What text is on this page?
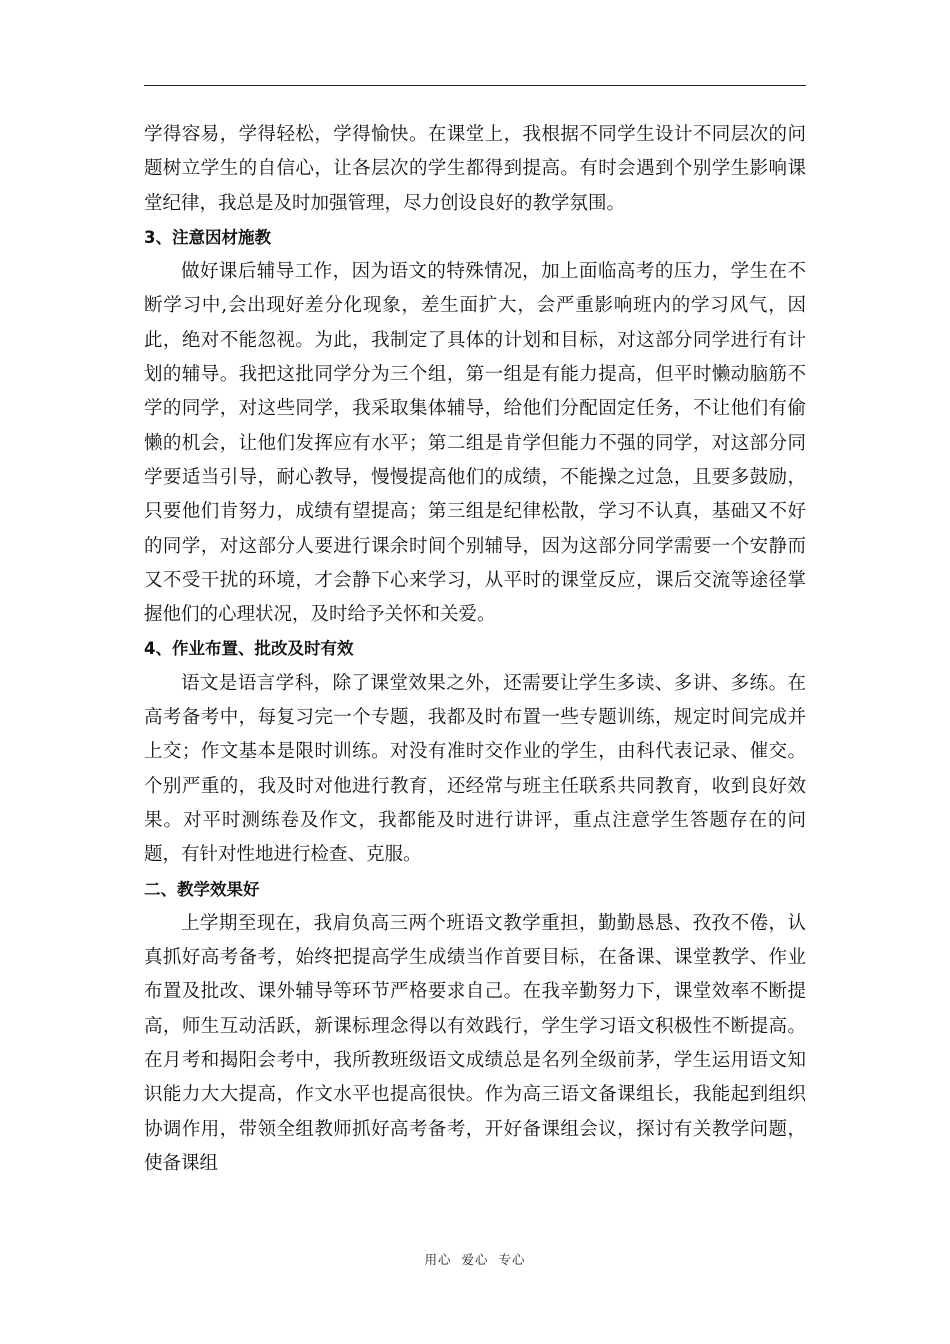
学得容易，学得轻松，学得愉快。在课堂上，我根据不同学生设计不同层次的问题树立学生的自信心，让各层次的学生都得到提高。有时会遇到个别学生影响课堂纪律，我总是及时加强管理，尽力创设良好的教学氛围。

3、注意因材施教

做好课后辅导工作，因为语文的特殊情况，加上面临高考的压力，学生在不断学习中,会出现好差分化现象，差生面扩大，会严重影响班内的学习风气，因此，绝对不能忽视。为此，我制定了具体的计划和目标，对这部分同学进行有计划的辅导。我把这批同学分为三个组，第一组是有能力提高，但平时懒动脑筋不学的同学，对这些同学，我采取集体辅导，给他们分配固定任务，不让他们有偷懒的机会，让他们发挥应有水平；第二组是肯学但能力不强的同学，对这部分同学要适当引导，耐心教导，慢慢提高他们的成绩，不能操之过急，且要多鼓励，只要他们肯努力，成绩有望提高；第三组是纪律松散，学习不认真，基础又不好的同学，对这部分人要进行课余时间个别辅导，因为这部分同学需要一个安静而又不受干扰的环境，才会静下心来学习，从平时的课堂反应，课后交流等途径掌握他们的心理状况，及时给予关怀和关爱。

4、作业布置、批改及时有效

语文是语言学科，除了课堂效果之外，还需要让学生多读、多讲、多练。在高考备考中，每复习完一个专题，我都及时布置一些专题训练，规定时间完成并上交；作文基本是限时训练。对没有准时交作业的学生，由科代表记录、催交。个别严重的，我及时对他进行教育，还经常与班主任联系共同教育，收到良好效果。对平时测练卷及作文，我都能及时进行讲评，重点注意学生答题存在的问题，有针对性地进行检查、克服。

二、教学效果好

上学期至现在，我肩负高三两个班语文教学重担，勤勤恳恳、孜孜不倦，认真抓好高考备考，始终把提高学生成绩当作首要目标，在备课、课堂教学、作业布置及批改、课外辅导等环节严格要求自己。在我辛勤努力下，课堂效率不断提高，师生互动活跃，新课标理念得以有效践行，学生学习语文积极性不断提高。在月考和揭阳会考中，我所教班级语文成绩总是名列全级前茅，学生运用语文知识能力大大提高，作文水平也提高很快。作为高三语文备课组长，我能起到组织协调作用，带领全组教师抓好高考备考，开好备课组会议，探讨有关教学问题，使备课组

用心  爱心  专心
